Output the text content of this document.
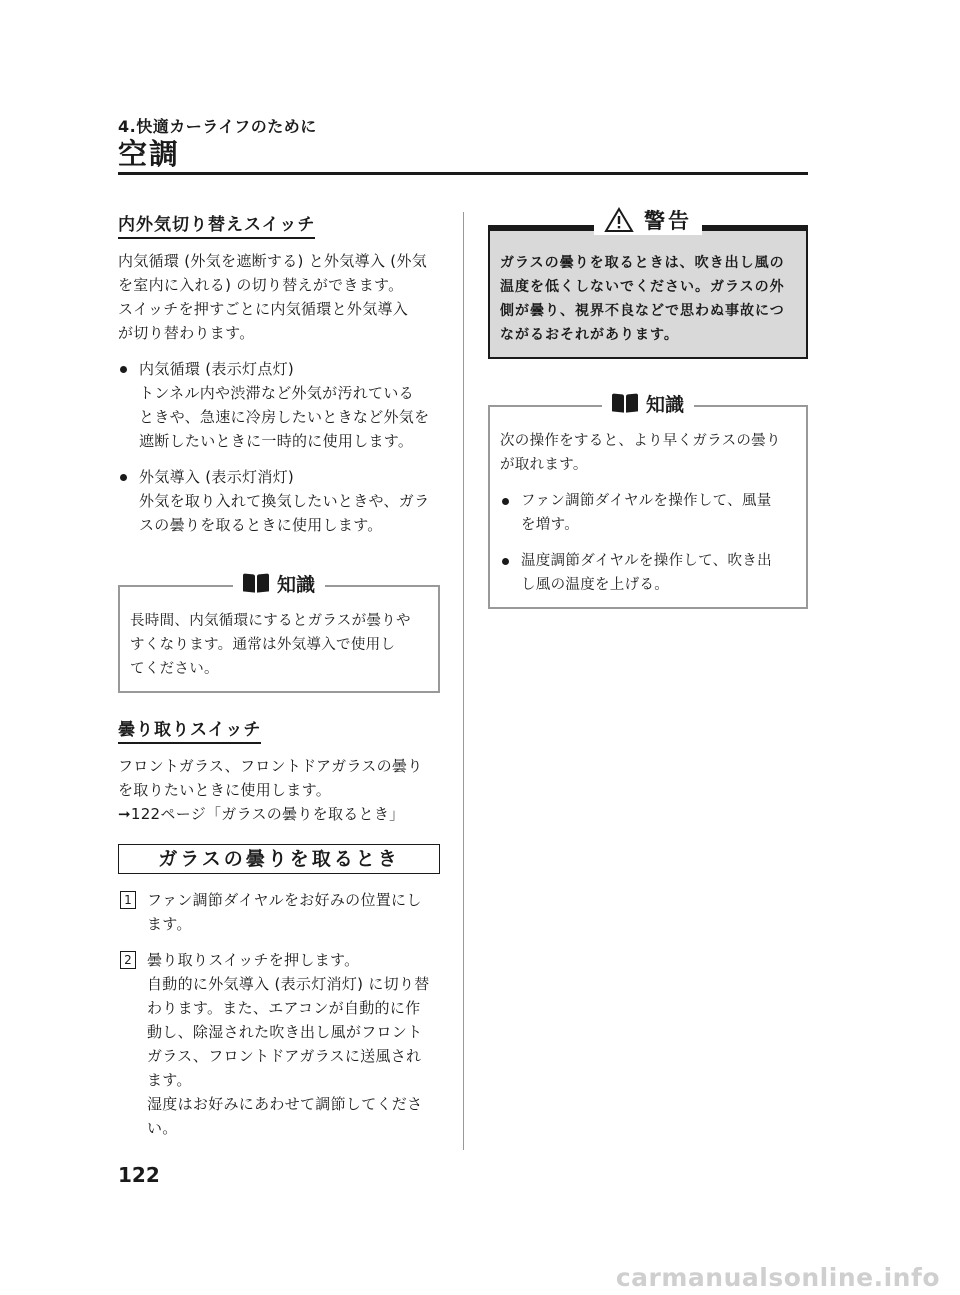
4.快適カーライフのために
空調
内外気切り替えスイッチ

内気循環 (外気を遮断する) と外気導入 (外気

を室内に入れる) の切り替えができます。

スイッチを押すごとに内気循環と外気導入

が切り替わります。

内気循環 (表示灯点灯)

トンネル内や渋滞など外気が汚れている

ときや、急速に冷房したいときなど外気を

遮断したいときに一時的に使用します。

外気導入 (表示灯消灯)

外気を取り入れて換気したいときや、ガラ

スの曇りを取るときに使用します。

知識

長時間、内気循環にするとガラスが曇りや

すくなります。通常は外気導入で使用し

てください。

曇り取りスイッチ

フロントガラス、フロントドアガラスの曇り

を取りたいときに使用します。

➞122ページ「ガラスの曇りを取るとき」

ガラスの曇りを取るとき
1 ファン調節ダイヤルをお好みの位置にし

ます。

2 曇り取りスイッチを押します。

自動的に外気導入 (表示灯消灯) に切り替

わります。また、エアコンが自動的に作

動し、除湿された吹き出し風がフロント

ガラス、フロントドアガラスに送風され

ます。

湿度はお好みにあわせて調節してくださ

い。

警告

ガラスの曇りを取るときは、吹き出し風の

温度を低くしないでください。ガラスの外

側が曇り、視界不良などで思わぬ事故につ

ながるおそれがあります。

知識

次の操作をすると、より早くガラスの曇り

が取れます。

ファン調節ダイヤルを操作して、風量

を増す。

温度調節ダイヤルを操作して、吹き出

し風の温度を上げる。

122
carmanualsonline.info
